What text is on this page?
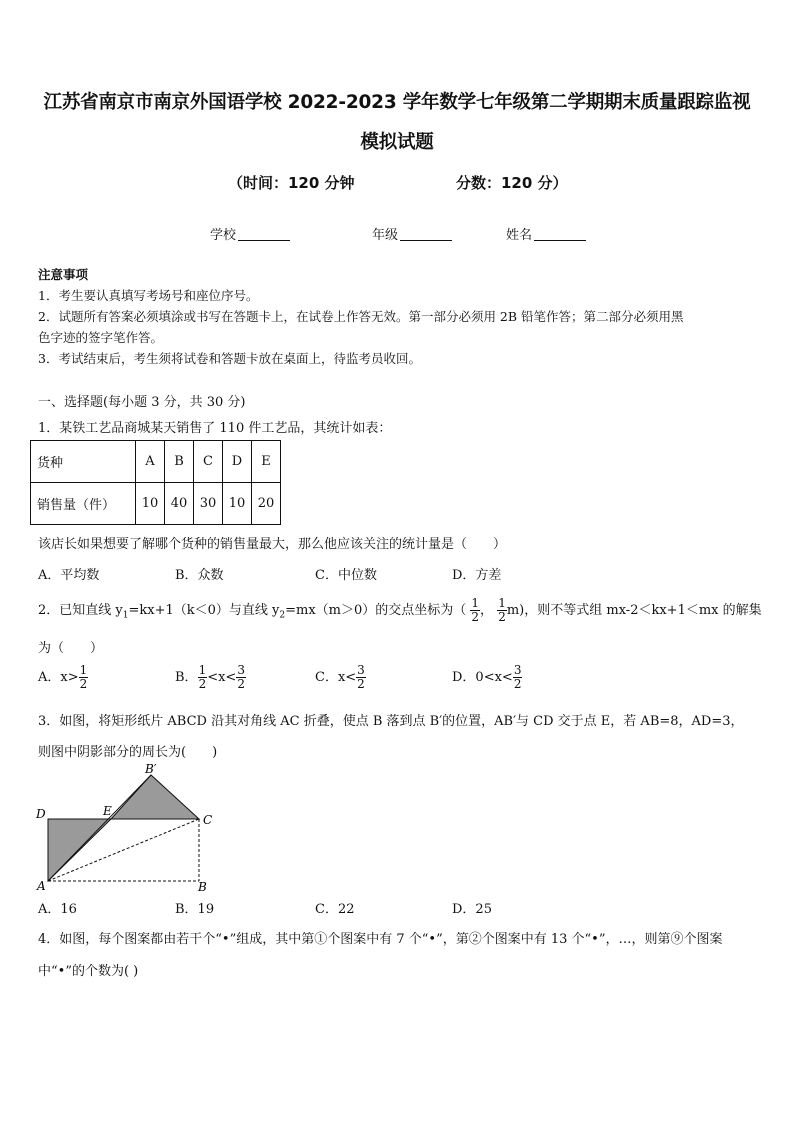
江苏省南京市南京外国语学校 2022-2023 学年数学七年级第二学期期末质量跟踪监视
模拟试题
（时间：120 分钟	分数：120 分）
学校	年级	姓名
注意事项
1．考生要认真填写考场号和座位序号。
2．试题所有答案必须填涂或书写在答题卡上，在试卷上作答无效。第一部分必须用 2B 铅笔作答；第二部分必须用黑
色字迹的签字笔作答。
3．考试结束后，考生须将试卷和答题卡放在桌面上，待监考员收回。
一、选择题(每小题 3 分，共 30 分)
1．某铁工艺品商城某天销售了 110 件工艺品，其统计如表：
货种	A	B	C	D	E
销售量（件）	10	40	30	10	20
该店长如果想要了解哪个货种的销售量最大，那么他应该关注的统计量是（　　）
A．平均数	B．众数	C．中位数	D．方差
2．已知直线 $y_1=kx+1(k<0)$与直线 $y_2=mx(m>0)$的交点坐标为（ $\frac{1}{2}$ ， $\frac{1}{2} m$)，则不等式组 mx-2＜kx+1＜mx 的解集
为（　　）
A．$x> \frac{1}{2}$	B． $\frac{1}{2} <x< \frac{3}{2}$	C．$x< \frac{3}{2}$	D．$0<x< \frac{3}{2}$
3．如图，将矩形纸片 ABCD 沿其对角线 AC 折叠，使点 B 落到点 B′的位置，AB′与 CD 交于点 E，若 AB=8，AD=3，
则图中阴影部分的周长为(　　)
D	E
B′
C
A	B
A．16	B．19	C．22	D．25
4．如图，每个图案都由若干个“•”组成，其中第①个图案中有 7 个“•”，第②个图案中有 13 个“•”，…，则第⑨个图案
中“•”的个数为( )
